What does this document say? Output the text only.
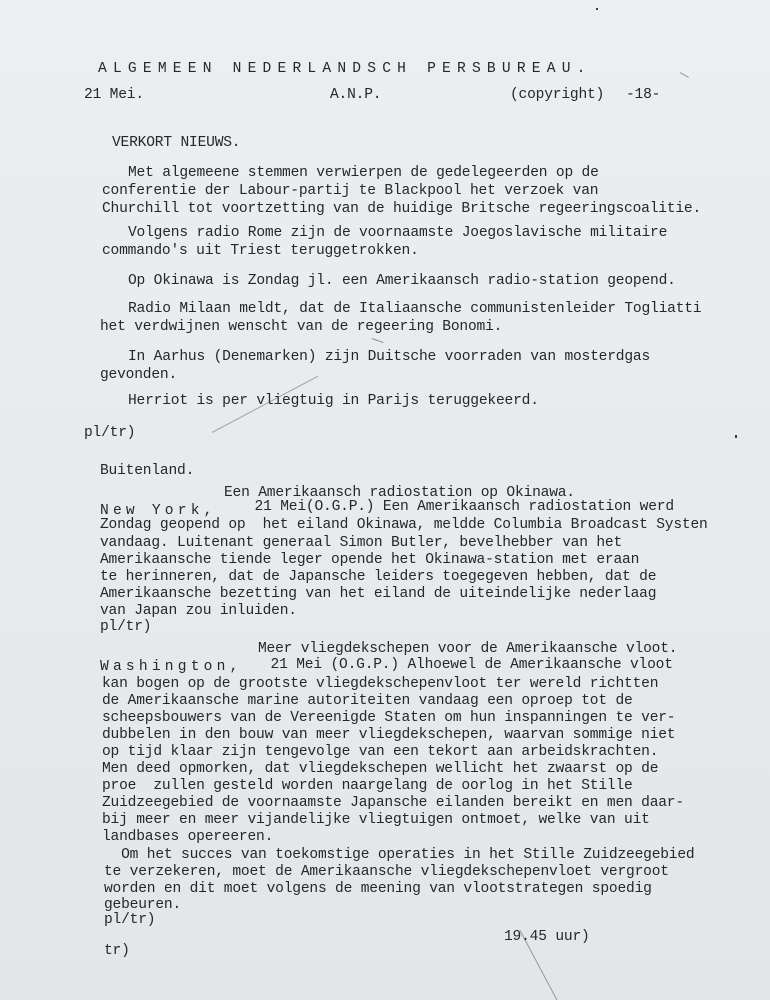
ALGEMEEN NEDERLANDSCH PERSBUREAU.
21 Mei.	A.N.P.	(copyright) -18-
VERKORT NIEUWS.
Met algemeene stemmen verwierpen de gedelegeerden op de
conferentie der Labour-partij te Blackpool het verzoek van
Churchill tot voortzetting van de huidige Britsche regeeringscoalitie.
Volgens radio Rome zijn de voornaamste Joegoslavische militaire
commando's uit Triest teruggetrokken.
Op Okinawa is Zondag jl. een Amerikaansch radio-station geopend.
Radio Milaan meldt, dat de Italiaansche communistenleider Togliatti
het verdwijnen wenscht van de regeering Bonomi.
In Aarhus (Denemarken) zijn Duitsche voorraden van mosterdgas
gevonden.
Herriot is per vliegtuig in Parijs teruggekeerd.
pl/tr)
Buitenland.
Een Amerikaansch radiostation op Okinawa.
New York, 21 Mei(O.G.P.) Een Amerikaansch radiostation werd
Zondag geopend op  het eiland Okinawa, meldde Columbia Broadcast Systen
vandaag. Luitenant generaal Simon Butler, bevelhebber van het
Amerikaansche tiende leger opende het Okinawa-station met eraan
te herinneren, dat de Japansche leiders toegegeven hebben, dat de
Amerikaansche bezetting van het eiland de uiteindelijke nederlaag
van Japan zou inluiden.
pl/tr)
Meer vliegdekschepen voor de Amerikaansche vloot.
Washington, 21 Mei (O.G.P.) Alhoewel de Amerikaansche vloot
kan bogen op de grootste vliegdekschepenvloot ter wereld richtten
de Amerikaansche marine autoriteiten vandaag een oproep tot de
scheepsbouwers van de Vereenigde Staten om hun inspanningen te ver-
dubbelen in den bouw van meer vliegdekschepen, waarvan sommige niet
op tijd klaar zijn tengevolge van een tekort aan arbeidskrachten.
Men deed opmorken, dat vliegdekschepen wellicht het zwaarst op de
proe  zullen gesteld worden naargelang de oorlog in het Stille
Zuidzeegebied de voornaamste Japansche eilanden bereikt en men daar-
bij meer en meer vijandelijke vliegtuigen ontmoet, welke van uit
landbases opereeren.
Om het succes van toekomstige operaties in het Stille Zuidzeegebied
te verzekeren, moet de Amerikaansche vliegdekschepenvloet vergroot
worden en dit moet volgens de meening van vlootstrategen spoedig
gebeuren.
pl/tr)
19.45 uur)
tr)
